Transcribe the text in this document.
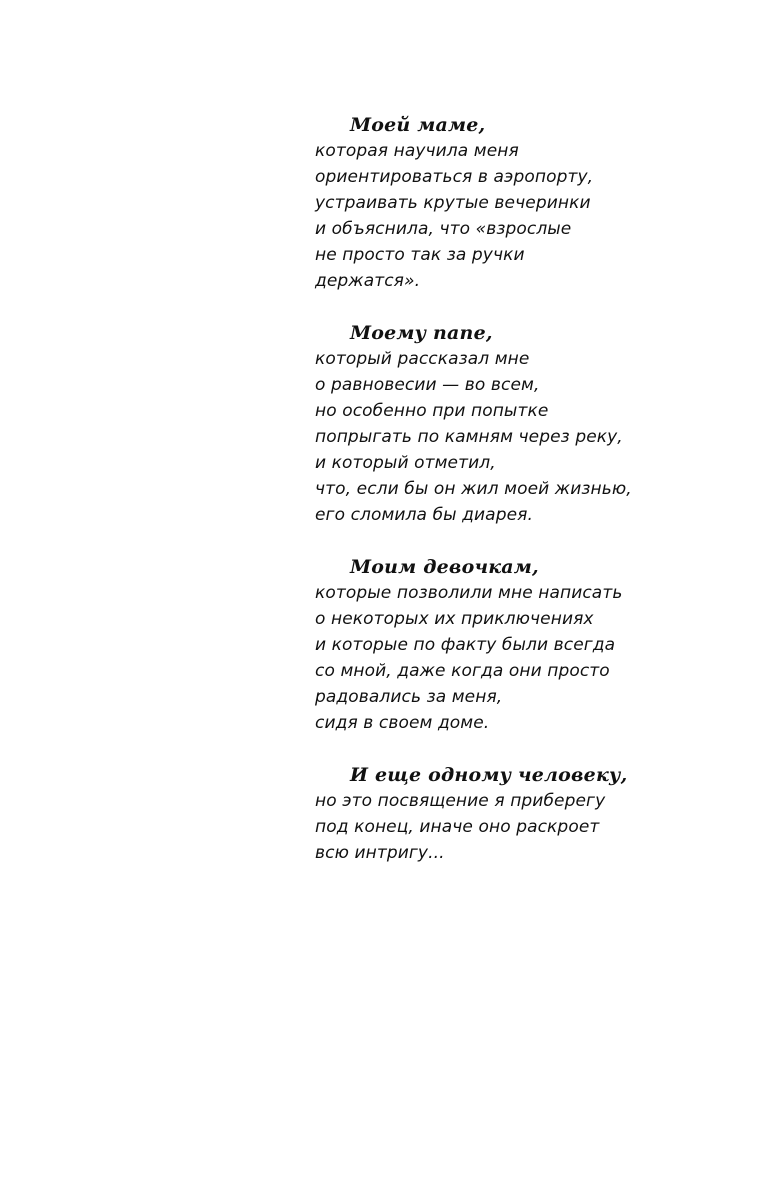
Моей маме,
которая научила меня
ориентироваться в аэропорту,
устраивать крутые вечеринки
и объяснила, что «взрослые
не просто так за ручки
держатся».
Моему папе,
который рассказал мне
о равновесии — во всем,
но особенно при попытке
попрыгать по камням через реку,
и который отметил,
что, если бы он жил моей жизнью,
его сломила бы диарея.
Моим девочкам,
которые позволили мне написать
о некоторых их приключениях
и которые по факту были всегда
со мной, даже когда они просто
радовались за меня,
сидя в своем доме.
И еще одному человеку,
но это посвящение я приберегу
под конец, иначе оно раскроет
всю интригу...
